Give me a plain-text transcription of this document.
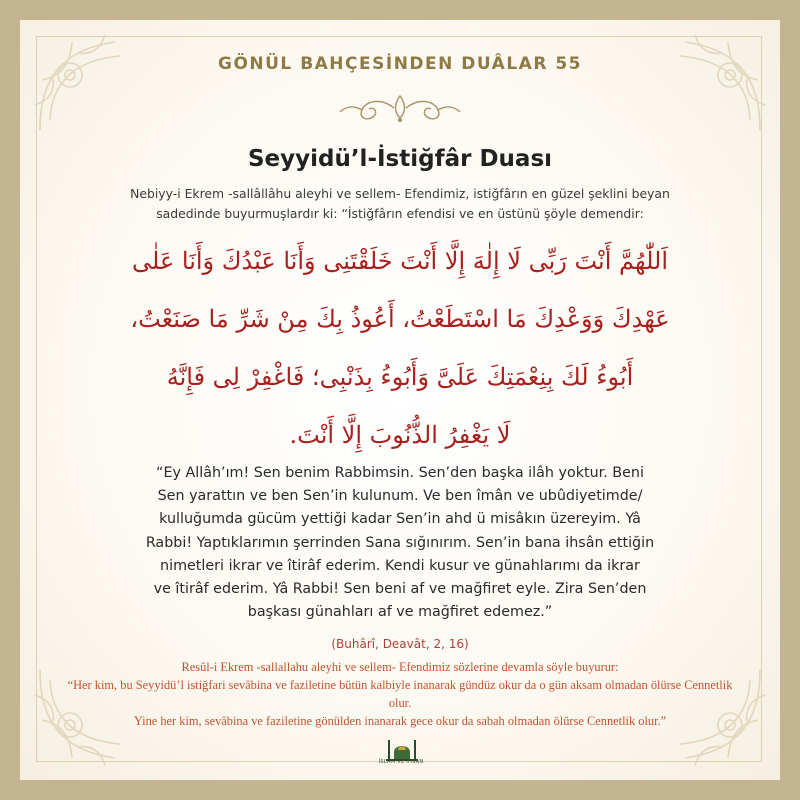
GÖNÜL BAHÇESİNDEN DUÂLAR 55
Seyyidü’l-İstiğfâr Duası
Nebiyy-i Ekrem -sallâllâhu aleyhi ve sellem- Efendimiz, istiğfârın en güzel şeklini beyan
sadedinde buyurmuşlardır ki: “İstiğfârın efendisi ve en üstünü şöyle demendir:
اَللّٰهُمَّ أَنْتَ رَبِّى لَا إِلٰهَ إِلَّا أَنْتَ خَلَقْتَنِى وَأَنَا عَبْدُكَ وَأَنَا عَلٰى
عَهْدِكَ وَوَعْدِكَ مَا اسْتَطَعْتُ، أَعُوذُ بِكَ مِنْ شَرِّ مَا صَنَعْتُ،
أَبُوءُ لَكَ بِنِعْمَتِكَ عَلَىَّ وَأَبُوءُ بِذَنْبِى؛ فَاغْفِرْ لِى فَإِنَّهُ
لَا يَغْفِرُ الذُّنُوبَ إِلَّا أَنْتَ.
“Ey Allâh’ım! Sen benim Rabbimsin. Sen’den başka ilâh yoktur. Beni
Sen yarattın ve ben Sen’in kulunum. Ve ben îmân ve ubûdiyetimde/
kulluğumda gücüm yettiği kadar Sen’in ahd ü misâkın üzereyim. Yâ
Rabbi! Yaptıklarımın şerrinden Sana sığınırım. Sen’in bana ihsân ettiğin
nimetleri ikrar ve îtirâf ederim. Kendi kusur ve günahlarımı da ikrar
ve îtirâf ederim. Yâ Rabbi! Sen beni af ve mağfiret eyle. Zira Sen’den
başkası günahları af ve mağfiret edemez.”
(Buhârî, Deavât, 2, 16)
Resûl-i Ekrem -sallallahu aleyhi ve sellem- Efendimiz sözlerine devamla söyle buyurur:
“Her kim, bu Seyyidü’l istiğfari sevâbina ve faziletine bütün kalbiyle inanarak gündüz okur da o gün aksam olmadan ölürse Cennetlik olur.
Yine her kim, sevâbina ve faziletine gönülden inanarak gece okur da sabah olmadan ölürse Cennetlik olur.”
İSLAM VE İHSAN
